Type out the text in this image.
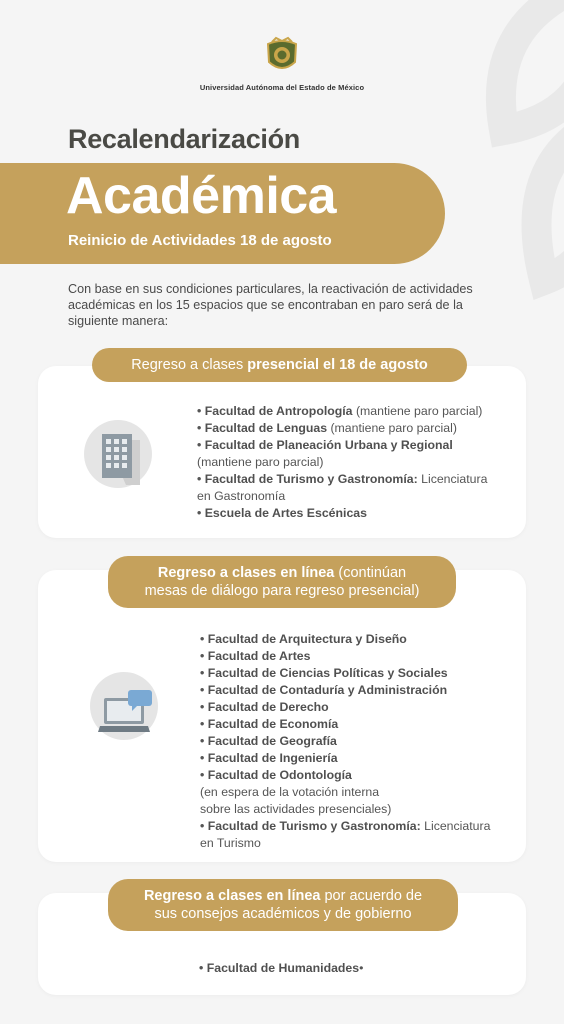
Universidad Autónoma del Estado de México
Recalendarización
Académica
Reinicio de Actividades 18 de agosto
Con base en sus condiciones particulares, la reactivación de actividades académicas en los 15 espacios que se encontraban en paro será de la siguiente manera:
Regreso a clases presencial el 18 de agosto
• Facultad de Antropología (mantiene paro parcial)
• Facultad de Lenguas (mantiene paro parcial)
• Facultad de Planeación Urbana y Regional
(mantiene paro parcial)
• Facultad de Turismo y Gastronomía: Licenciatura
en Gastronomía
• Escuela de Artes Escénicas
Regreso a clases en línea (continúan
mesas de diálogo para regreso presencial)
• Facultad de Arquitectura y Diseño
• Facultad de Artes
• Facultad de Ciencias Políticas y Sociales
• Facultad de Contaduría y Administración
• Facultad de Derecho
• Facultad de Economía
• Facultad de Geografía
• Facultad de Ingeniería
• Facultad de Odontología
(en espera de la votación interna
sobre las actividades presenciales)
• Facultad de Turismo y Gastronomía: Licenciatura
en Turismo
Regreso a clases en línea por acuerdo de
sus consejos académicos y de gobierno
• Facultad de Humanidades•
